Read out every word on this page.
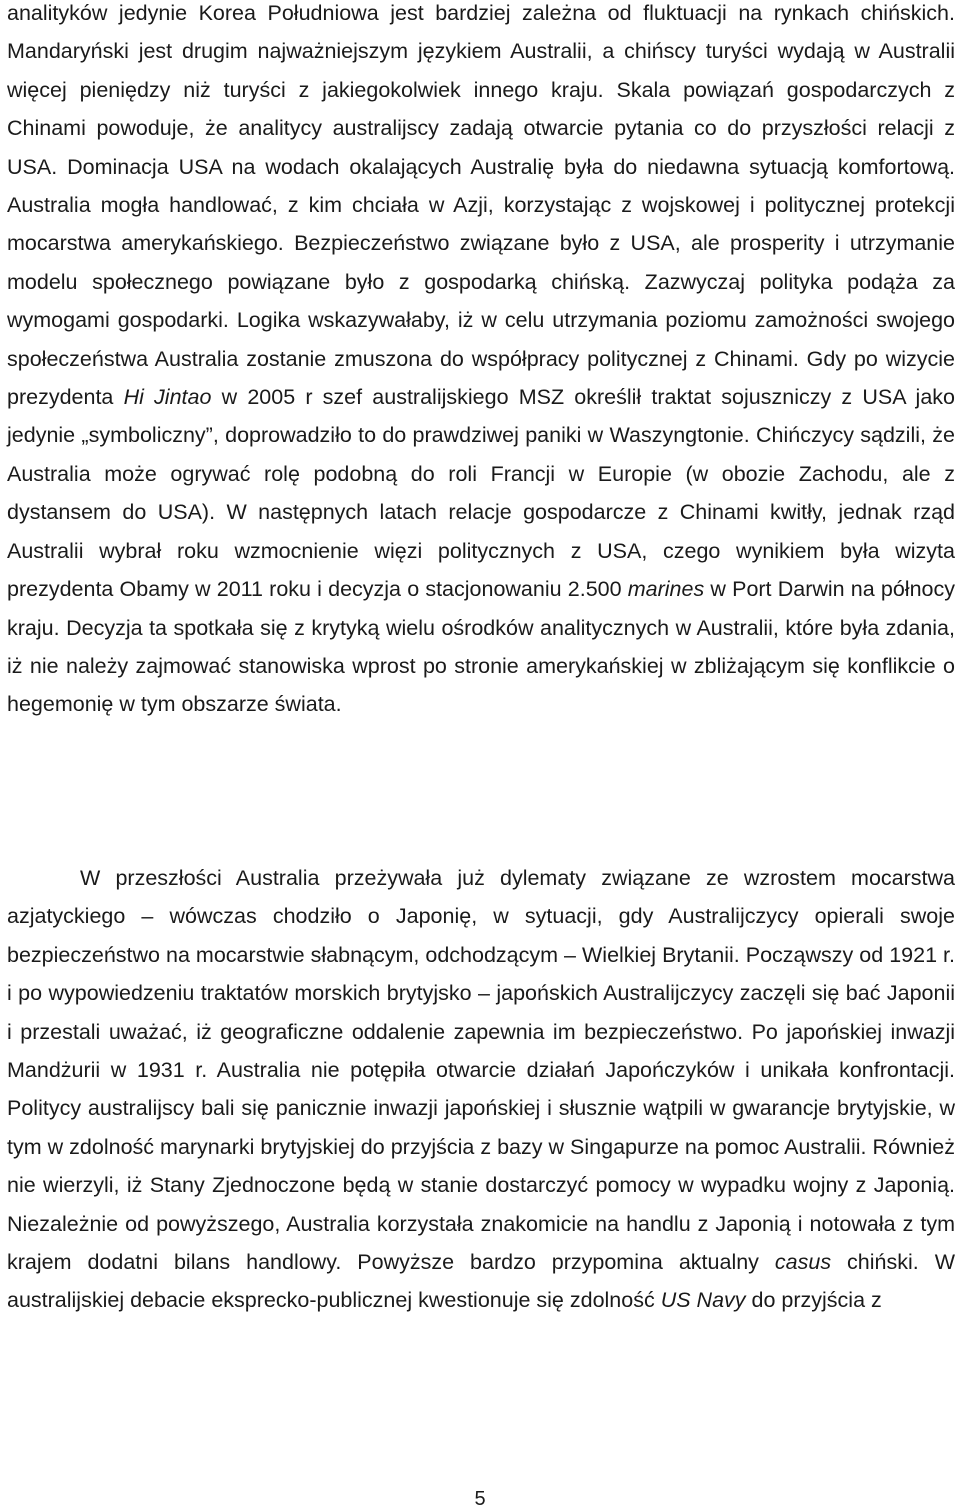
analityków jedynie Korea Południowa jest bardziej zależna od fluktuacji na rynkach chińskich. Mandaryński jest drugim najważniejszym językiem Australii, a chińscy turyści wydają w Australii więcej pieniędzy niż turyści z jakiegokolwiek innego kraju. Skala powiązań gospodarczych z Chinami powoduje, że analitycy australijscy zadają otwarcie pytania co do przyszłości relacji z USA. Dominacja USA na wodach okalających Australię była do niedawna sytuacją komfortową. Australia mogła handlować, z kim chciała w Azji, korzystając z wojskowej i politycznej protekcji mocarstwa amerykańskiego. Bezpieczeństwo związane było z USA, ale prosperity i utrzymanie modelu społecznego powiązane było z gospodarką chińską. Zazwyczaj polityka podąża za wymogami gospodarki. Logika wskazywałaby, iż w celu utrzymania poziomu zamożności swojego społeczeństwa Australia zostanie zmuszona do współpracy politycznej z Chinami. Gdy po wizycie prezydenta Hi Jintao w 2005 r szef australijskiego MSZ określił traktat sojuszniczy z USA jako jedynie „symboliczny”, doprowadziło to do prawdziwej paniki w Waszyngtonie. Chińczycy sądzili, że Australia może ogrywać rolę podobną do roli Francji w Europie (w obozie Zachodu, ale z dystansem do USA). W następnych latach relacje gospodarcze z Chinami kwitły, jednak rząd Australii wybrał roku wzmocnienie więzi politycznych z USA, czego wynikiem była wizyta prezydenta Obamy w 2011 roku i decyzja o stacjonowaniu 2.500 marines w Port Darwin na północy kraju. Decyzja ta spotkała się z krytyką wielu ośrodków analitycznych w Australii, które była zdania, iż nie należy zajmować stanowiska wprost po stronie amerykańskiej w zbliżającym się konflikcie o hegemonię w tym obszarze świata.

W przeszłości Australia przeżywała już dylematy związane ze wzrostem mocarstwa azjatyckiego – wówczas chodziło o Japonię, w sytuacji, gdy Australijczycy opierali swoje bezpieczeństwo na mocarstwie słabnącym, odchodzącym – Wielkiej Brytanii. Począwszy od 1921 r. i po wypowiedzeniu traktatów morskich brytyjsko – japońskich Australijczycy zaczęli się bać Japonii i przestali uważać, iż geograficzne oddalenie zapewnia im bezpieczeństwo. Po japońskiej inwazji Mandżurii w 1931 r. Australia nie potępiła otwarcie działań Japończyków i unikała konfrontacji. Politycy australijscy bali się panicznie inwazji japońskiej i słusznie wątpili w gwarancje brytyjskie, w tym w zdolność marynarki brytyjskiej do przyjścia z bazy w Singapurze na pomoc Australii. Również nie wierzyli, iż Stany Zjednoczone będą w stanie dostarczyć pomocy w wypadku wojny z Japonią. Niezależnie od powyższego, Australia korzystała znakomicie na handlu z Japonią i notowała z tym krajem dodatni bilans handlowy. Powyższe bardzo przypomina aktualny casus chiński. W australijskiej debacie eksprecko-publicznej kwestionuje się zdolność US Navy do przyjścia z

5
